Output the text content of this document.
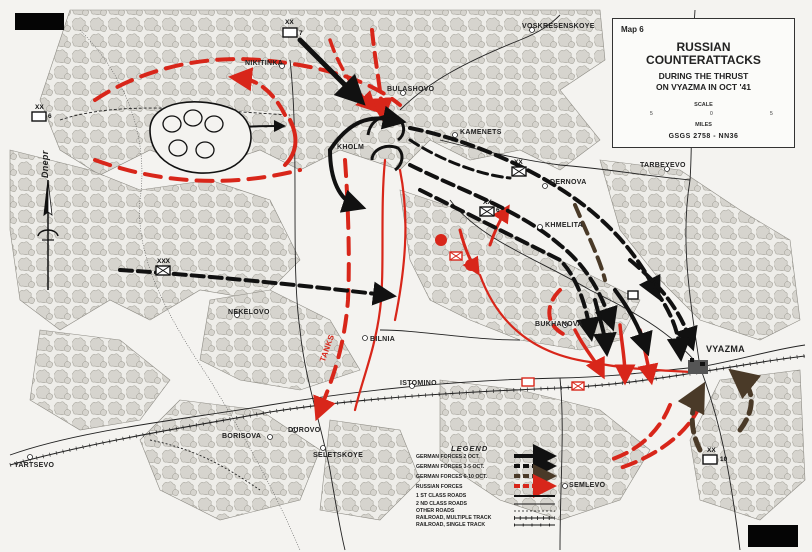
Map 6
RUSSIAN
COUNTERATTACKS
DURING THE THRUST
ON VYAZMA IN OCT '41
SCALE
5	0	5
MILES
GSGS 2758 - NN36
VOSKRESENSKOYE
NIKITINKA
BULASHOVO
KAMENETS
KHOLM
DERNOVA
TARBEYEVO
KHMELITA
NEKELOVO
BUKHANOVA
BILNIA
VYAZMA
ISTOMINO
BORISOVA
DUROVO
YARTSEVO
SELETSKOYE
SEMLEVO
TANKS
Dnepr
XX
7
XX
6
XX
6
XXX
XX
10
XX
LEGEND
GERMAN FORCES 2 OCT.
GERMAN FORCES 3-5 OCT.
GERMAN FORCES 6-10 OCT.
RUSSIAN FORCES
1 ST CLASS ROADS
2 ND CLASS ROADS
OTHER ROADS
RAILROAD, MULTIPLE TRACK
RAILROAD, SINGLE TRACK
